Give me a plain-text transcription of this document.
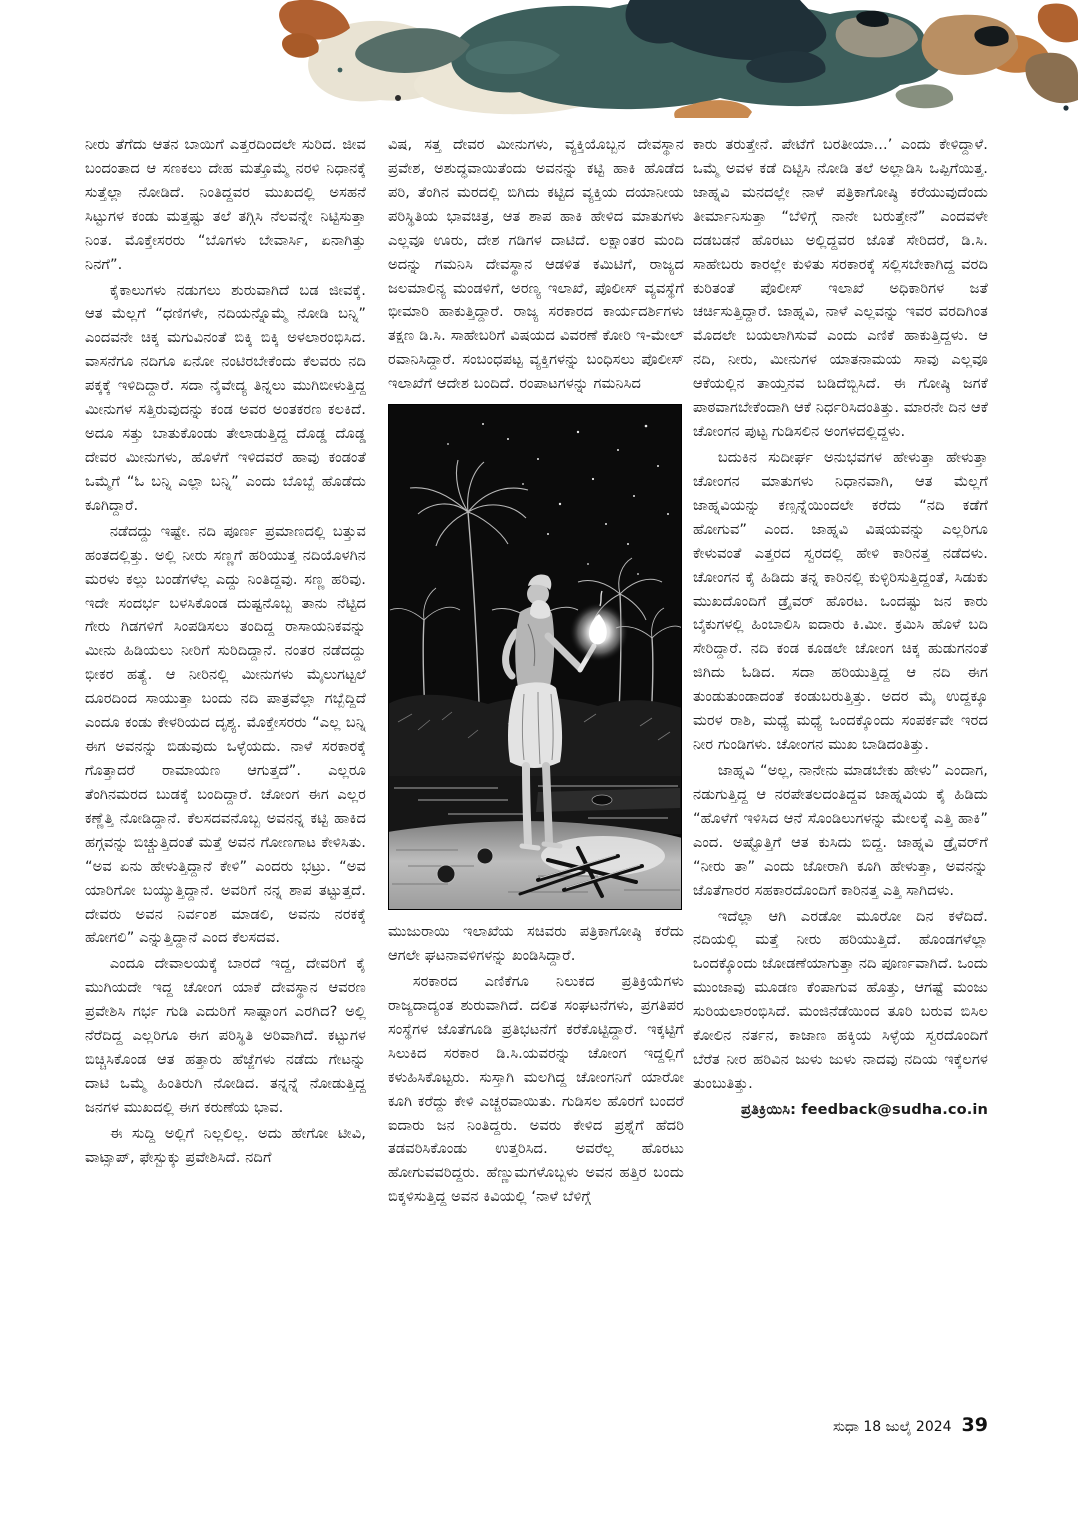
ನೀರು ತೆಗೆದು ಆತನ ಬಾಯಿಗೆ ಎತ್ತರದಿಂದಲೇ ಸುರಿದ. ಜೀವ ಬಂದಂತಾದ ಆ ಸಣಕಲು ದೇಹ ಮತ್ತೊಮ್ಮೆ ನರಳಿ ನಿಧಾನಕ್ಕೆ ಸುತ್ತೆಲ್ಲಾ ನೋಡಿದೆ. ನಿಂತಿದ್ದವರ ಮುಖದಲ್ಲಿ ಅಸಹನೆ ಸಿಟ್ಟುಗಳ ಕಂಡು ಮತ್ತಷ್ಟು ತಲೆ ತಗ್ಗಿಸಿ ನೆಲವನ್ನೇ ನಿಟ್ಟಿಸುತ್ತಾ ನಿಂತ. ಮೊಕ್ತೇಸರರು “ಬೊಗಳು ಬೇವಾರ್ಸಿ, ಏನಾಗಿತ್ತು ನಿನಗೆ”.

ಕೈಕಾಲುಗಳು ನಡುಗಲು ಶುರುವಾಗಿದೆ ಬಡ ಜೀವಕ್ಕೆ. ಆತ ಮೆಲ್ಲಗೆ “ಧಣಿಗಳೇ, ನದಿಯನ್ನೊಮ್ಮೆ ನೋಡಿ ಬನ್ನಿ” ಎಂದವನೇ ಚಿಕ್ಕ ಮಗುವಿನಂತೆ ಬಿಕ್ಕಿ ಬಿಕ್ಕಿ ಅಳಲಾರಂಭಿಸಿದ. ವಾಸನೆಗೂ ನದಿಗೂ ಏನೋ ನಂಟಿರಬೇಕೆಂದು ಕೆಲವರು ನದಿ ಪಕ್ಕಕ್ಕೆ ಇಳಿದಿದ್ದಾರೆ. ಸದಾ ನೈವೇದ್ಯ ತಿನ್ನಲು ಮುಗಿಬೀಳುತ್ತಿದ್ದ ಮೀನುಗಳ ಸತ್ತಿರುವುದನ್ನು ಕಂಡ ಅವರ ಅಂತಕರಣ ಕಲಕಿದೆ. ಅದೂ ಸತ್ತು ಬಾತುಕೊಂಡು ತೇಲಾಡುತ್ತಿದ್ದ ದೊಡ್ಡ ದೊಡ್ಡ ದೇವರ ಮೀನುಗಳು, ಹೊಳೆಗೆ ಇಳಿದವರೆ ಹಾವು ಕಂಡಂತೆ ಒಮ್ಮೆಗೆ “ಓ ಬನ್ನಿ ಎಲ್ಲಾ ಬನ್ನಿ” ಎಂದು ಬೊಬ್ಬೆ ಹೊಡೆದು ಕೂಗಿದ್ದಾರೆ.

ನಡೆದದ್ದು ಇಷ್ಟೇ. ನದಿ ಪೂರ್ಣ ಪ್ರಮಾಣದಲ್ಲಿ ಬತ್ತುವ ಹಂತದಲ್ಲಿತ್ತು. ಅಲ್ಲಿ ನೀರು ಸಣ್ಣಗೆ ಹರಿಯುತ್ತ ನದಿಯೊಳಗಿನ ಮರಳು ಕಲ್ಲು ಬಂಡೆಗಳೆಲ್ಲ ಎದ್ದು ನಿಂತಿದ್ದವು. ಸಣ್ಣ ಹರಿವು. ಇದೇ ಸಂದರ್ಭ ಬಳಸಿಕೊಂಡ ದುಷ್ಟನೊಬ್ಬ ತಾನು ನೆಟ್ಟಿದ ಗೇರು ಗಿಡಗಳಿಗೆ ಸಿಂಪಡಿಸಲು ತಂದಿದ್ದ ರಾಸಾಯನಿಕವನ್ನು ಮೀನು ಹಿಡಿಯಲು ನೀರಿಗೆ ಸುರಿದಿದ್ದಾನೆ. ನಂತರ ನಡೆದದ್ದು ಭೀಕರ ಹತ್ಯೆ. ಆ ನೀರಿನಲ್ಲಿ ಮೀನುಗಳು ಮೈಲುಗಟ್ಟಲೆ ದೂರದಿಂದ ಸಾಯುತ್ತಾ ಬಂದು ನದಿ ಪಾತ್ರವೆಲ್ಲಾ ಗಬ್ಬೆದ್ದಿದೆ ಎಂದೂ ಕಂಡು ಕೇಳರಿಯದ ದೃಶ್ಯ. ಮೊಕ್ತೇಸರರು “ಎಲ್ಲ ಬನ್ನಿ ಈಗ ಅವನನ್ನು ಬಿಡುವುದು ಒಳ್ಳೆಯದು. ನಾಳೆ ಸರಕಾರಕ್ಕೆ ಗೊತ್ತಾದರೆ ರಾಮಾಯಣ ಆಗುತ್ತದೆ”. ಎಲ್ಲರೂ ತೆಂಗಿನಮರದ ಬುಡಕ್ಕೆ ಬಂದಿದ್ದಾರೆ. ಚೋಂಗ ಈಗ ಎಲ್ಲರ ಕಣ್ಣೆತ್ತಿ ನೋಡಿದ್ದಾನೆ. ಕೆಲಸದವನೊಬ್ಬ ಅವನನ್ನ ಕಟ್ಟಿ ಹಾಕಿದ ಹಗ್ಗವನ್ನು ಬಿಚ್ಚುತ್ತಿದಂತೆ ಮತ್ತೆ ಅವನ ಗೋಣಗಾಟ ಕೇಳಿಸಿತು. “ಅವ ಏನು ಹೇಳುತ್ತಿದ್ದಾನೆ ಕೇಳಿ” ಎಂದರು ಭಟ್ರು. “ಅವ ಯಾರಿಗೋ ಬಯ್ಯುತ್ತಿದ್ದಾನೆ. ಅವರಿಗೆ ನನ್ನ ಶಾಪ ತಟ್ಟುತ್ತದೆ. ದೇವರು ಅವನ ನಿರ್ವಂಶ ಮಾಡಲಿ, ಅವನು ನರಕಕ್ಕೆ ಹೋಗಲಿ” ಎನ್ನುತ್ತಿದ್ದಾನೆ ಎಂದ ಕೆಲಸದವ.

ಎಂದೂ ದೇವಾಲಯಕ್ಕೆ ಬಾರದೆ ಇದ್ದ, ದೇವರಿಗೆ ಕೈ ಮುಗಿಯದೇ ಇದ್ದ ಚೋಂಗ ಯಾಕೆ ದೇವಸ್ಥಾನ ಆವರಣ ಪ್ರವೇಶಿಸಿ ಗರ್ಭ ಗುಡಿ ಎದುರಿಗೆ ಸಾಷ್ಟಾಂಗ ಎರಗಿದ? ಅಲ್ಲಿ ನೆರೆದಿದ್ದ ಎಲ್ಲರಿಗೂ ಈಗ ಪರಿಸ್ಥಿತಿ ಅರಿವಾಗಿದೆ. ಕಟ್ಟುಗಳ ಬಿಚ್ಚಿಸಿಕೊಂಡ ಆತ ಹತ್ತಾರು ಹೆಜ್ಜೆಗಳು ನಡೆದು ಗೇಟನ್ನು ದಾಟಿ ಒಮ್ಮೆ ಹಿಂತಿರುಗಿ ನೋಡಿದ. ತನ್ನನ್ನೆ ನೋಡುತ್ತಿದ್ದ ಜನಗಳ ಮುಖದಲ್ಲಿ ಈಗ ಕರುಣೆಯ ಭಾವ.

ಈ ಸುದ್ದಿ ಅಲ್ಲಿಗೆ ನಿಲ್ಲಲಿಲ್ಲ. ಅದು ಹೇಗೋ ಟೀವಿ, ವಾಟ್ಸಾಪ್, ಫೇಸ್ಬುಕ್ಕು ಪ್ರವೇಶಿಸಿದೆ. ನದಿಗೆ

ವಿಷ, ಸತ್ತ ದೇವರ ಮೀನುಗಳು, ವ್ಯಕ್ತಿಯೊಬ್ಬನ ದೇವಸ್ಥಾನ ಪ್ರವೇಶ, ಅಶುದ್ಧವಾಯಿತೆಂದು ಅವನನ್ನು ಕಟ್ಟಿ ಹಾಕಿ ಹೊಡೆದ ಪರಿ, ತೆಂಗಿನ ಮರದಲ್ಲಿ ಬಿಗಿದು ಕಟ್ಟಿದ ವ್ಯಕ್ತಿಯ ದಯಾನೀಯ ಪರಿಸ್ಥಿತಿಯ ಭಾವಚಿತ್ರ, ಆತ ಶಾಪ ಹಾಕಿ ಹೇಳಿದ ಮಾತುಗಳು ಎಲ್ಲವೂ ಊರು, ದೇಶ ಗಡಿಗಳ ದಾಟಿದೆ. ಲಕ್ಷಾಂತರ ಮಂದಿ ಅದನ್ನು ಗಮನಿಸಿ ದೇವಸ್ಥಾನ ಆಡಳಿತ ಕಮಿಟಿಗೆ, ರಾಜ್ಯದ ಜಲಮಾಲಿನ್ಯ ಮಂಡಳಿಗೆ, ಅರಣ್ಯ ಇಲಾಖೆ, ಪೊಲೀಸ್ ವ್ಯವಸ್ಥೆಗೆ ಭೀಮಾರಿ ಹಾಕುತ್ತಿದ್ದಾರೆ. ರಾಜ್ಯ ಸರಕಾರದ ಕಾರ್ಯದರ್ಶಿಗಳು ತಕ್ಷಣ ಡಿ.ಸಿ. ಸಾಹೇಬರಿಗೆ ವಿಷಯದ ವಿವರಣೆ ಕೋರಿ ಇ-ಮೇಲ್ ರವಾನಿಸಿದ್ದಾರೆ. ಸಂಬಂಧಪಟ್ಟ ವ್ಯಕ್ತಿಗಳನ್ನು ಬಂಧಿಸಲು ಪೊಲೀಸ್ ಇಲಾಖೆಗೆ ಆದೇಶ ಬಂದಿದೆ. ರಂಪಾಟಗಳನ್ನು ಗಮನಿಸಿದ

ಮುಜುರಾಯಿ ಇಲಾಖೆಯ ಸಚಿವರು ಪತ್ರಿಕಾಗೋಷ್ಠಿ ಕರೆದು ಆಗಲೇ ಘಟನಾವಳಿಗಳನ್ನು ಖಂಡಿಸಿದ್ದಾರೆ.

ಸರಕಾರದ ಎಣಿಕೆಗೂ ನಿಲುಕದ ಪ್ರತಿಕ್ರಿಯೆಗಳು ರಾಜ್ಯದಾದ್ಯಂತ ಶುರುವಾಗಿದೆ. ದಲಿತ ಸಂಘಟನೆಗಳು, ಪ್ರಗತಿಪರ ಸಂಸ್ಥೆಗಳ ಜೊತೆಗೂಡಿ ಪ್ರತಿಭಟನೆಗೆ ಕರೆಕೊಟ್ಟಿದ್ದಾರೆ. ಇಕ್ಕಟ್ಟಿಗೆ ಸಿಲುಕಿದ ಸರಕಾರ ಡಿ.ಸಿ.ಯವರನ್ನು ಚೋಂಗ ಇದ್ದಲ್ಲಿಗೆ ಕಳುಹಿಸಿಕೊಟ್ಟರು. ಸುಸ್ತಾಗಿ ಮಲಗಿದ್ದ ಚೋಂಗನಿಗೆ ಯಾರೋ ಕೂಗಿ ಕರೆದ್ದು ಕೇಳಿ ಎಚ್ಚರವಾಯಿತು. ಗುಡಿಸಲ ಹೊರಗೆ ಬಂದರೆ ಐದಾರು ಜನ ನಿಂತಿದ್ದರು. ಅವರು ಕೇಳಿದ ಪ್ರಶ್ನೆಗೆ ಹೆದರಿ ತಡವರಿಸಿಕೊಂಡು ಉತ್ತರಿಸಿದ. ಅವರೆಲ್ಲ ಹೊರಟು ಹೋಗುವವರಿದ್ದರು. ಹೆಣ್ಣುಮಗಳೊಬ್ಬಳು ಅವನ ಹತ್ತಿರ ಬಂದು ಬಿಕ್ಕಳಿಸುತ್ತಿದ್ದ ಅವನ ಕಿವಿಯಲ್ಲಿ ‘ನಾಳೆ ಬೆಳಿಗ್ಗೆ

ಕಾರು ತರುತ್ತೇನೆ. ಪೇಟೆಗೆ ಬರತೀಯಾ...’ ಎಂದು ಕೇಳಿದ್ದಾಳೆ. ಒಮ್ಮೆ ಅವಳ ಕಡೆ ದಿಟ್ಟಿಸಿ ನೋಡಿ ತಲೆ ಅಲ್ಲಾಡಿಸಿ ಒಪ್ಪಿಗೆಯಿತ್ತ. ಜಾಹ್ನವಿ ಮನದಲ್ಲೇ ನಾಳೆ ಪತ್ರಿಕಾಗೋಷ್ಠಿ ಕರೆಯುವುದೆಂದು ತೀರ್ಮಾನಿಸುತ್ತಾ “ಬೆಳಿಗ್ಗೆ ನಾನೇ ಬರುತ್ತೇನೆ” ಎಂದವಳೇ ದಡಬಡನೆ ಹೊರಟು ಅಲ್ಲಿದ್ದವರ ಜೊತೆ ಸೇರಿದರೆ, ಡಿ.ಸಿ. ಸಾಹೇಬರು ಕಾರಲ್ಲೇ ಕುಳಿತು ಸರಕಾರಕ್ಕೆ ಸಲ್ಲಿಸಬೇಕಾಗಿದ್ದ ವರದಿ ಕುರಿತಂತೆ ಪೊಲೀಸ್ ಇಲಾಖೆ ಅಧಿಕಾರಿಗಳ ಜತೆ ಚರ್ಚಿಸುತ್ತಿದ್ದಾರೆ. ಜಾಹ್ನವಿ, ನಾಳೆ ಎಲ್ಲವನ್ನು ಇವರ ವರದಿಗಿಂತ ಮೊದಲೇ ಬಯಲಾಗಿಸುವೆ ಎಂದು ಎಣಿಕೆ ಹಾಕುತ್ತಿದ್ದಳು. ಆ ನದಿ, ನೀರು, ಮೀನುಗಳ ಯಾತನಾಮಯ ಸಾವು ಎಲ್ಲವೂ ಆಕೆಯಲ್ಲಿನ ತಾಯ್ತನವ ಬಡಿದೆಬ್ಬಿಸಿದೆ. ಈ ಗೋಷ್ಠಿ ಜಗಕೆ ಪಾಠವಾಗಬೇಕೆಂದಾಗಿ ಆಕೆ ನಿರ್ಧರಿಸಿದಂತಿತ್ತು. ಮಾರನೇ ದಿನ ಆಕೆ ಚೋಂಗನ ಪುಟ್ಟ ಗುಡಿಸಲಿನ ಅಂಗಳದಲ್ಲಿದ್ದಳು.

ಬದುಕಿನ ಸುದೀರ್ಘ ಅನುಭವಗಳ ಹೇಳುತ್ತಾ ಹೇಳುತ್ತಾ ಚೋಂಗನ ಮಾತುಗಳು ನಿಧಾನವಾಗಿ, ಆತ ಮೆಲ್ಲಗೆ ಜಾಹ್ನವಿಯನ್ನು ಕಣ್ಸನ್ನೆಯಿಂದಲೇ ಕರೆದು “ನದಿ ಕಡೆಗೆ ಹೋಗುವ” ಎಂದ. ಜಾಹ್ನವಿ ವಿಷಯವನ್ನು ಎಲ್ಲರಿಗೂ ಕೇಳುವಂತೆ ಎತ್ತರದ ಸ್ವರದಲ್ಲಿ ಹೇಳಿ ಕಾರಿನತ್ತ ನಡೆದಳು. ಚೋಂಗನ ಕೈ ಹಿಡಿದು ತನ್ನ ಕಾರಿನಲ್ಲಿ ಕುಳ್ಳಿರಿಸುತ್ತಿದ್ದಂತೆ, ಸಿಡುಕು ಮುಖದೊಂದಿಗೆ ಡ್ರೈವರ್ ಹೊರಟ. ಒಂದಷ್ಟು ಜನ ಕಾರು ಬೈಕುಗಳಲ್ಲಿ ಹಿಂಬಾಲಿಸಿ ಐದಾರು ಕಿ.ಮೀ. ಕ್ರಮಿಸಿ ಹೊಳೆ ಬದಿ ಸೇರಿದ್ದಾರೆ. ನದಿ ಕಂಡ ಕೂಡಲೇ ಚೋಂಗ ಚಿಕ್ಕ ಹುಡುಗನಂತೆ ಜಿಗಿದು ಓಡಿದ. ಸದಾ ಹರಿಯುತ್ತಿದ್ದ ಆ ನದಿ ಈಗ ತುಂಡುತುಂಡಾದಂತೆ ಕಂಡುಬರುತ್ತಿತ್ತು. ಅದರ ಮೈ ಉದ್ದಕ್ಕೂ ಮರಳ ರಾಶಿ, ಮಧ್ಯೆ ಮಧ್ಯೆ ಒಂದಕ್ಕೊಂದು ಸಂಪರ್ಕವೇ ಇರದ ನೀರ ಗುಂಡಿಗಳು. ಚೋಂಗನ ಮುಖ ಬಾಡಿದಂತಿತ್ತು.

ಜಾಹ್ನವಿ “ಅಲ್ಲ, ನಾನೇನು ಮಾಡಬೇಕು ಹೇಳು” ಎಂದಾಗ, ನಡುಗುತ್ತಿದ್ದ ಆ ನರಪೇತಲದಂತಿದ್ದವ ಜಾಹ್ನವಿಯ ಕೈ ಹಿಡಿದು “ಹೊಳೆಗೆ ಇಳಿಸಿದ ಆನೆ ಸೊಂಡಿಲುಗಳನ್ನು ಮೇಲಕ್ಕೆ ಎತ್ತಿ ಹಾಕಿ” ಎಂದ. ಅಷ್ಟೊತ್ತಿಗೆ ಆತ ಕುಸಿದು ಬಿದ್ದ. ಜಾಹ್ನವಿ ಡ್ರೈವರ್‌ಗೆ “ನೀರು ತಾ” ಎಂದು ಜೋರಾಗಿ ಕೂಗಿ ಹೇಳುತ್ತಾ, ಅವನನ್ನು ಜೊತೆಗಾರರ ಸಹಕಾರದೊಂದಿಗೆ ಕಾರಿನತ್ತ ಎತ್ತಿ ಸಾಗಿದಳು.

ಇದೆಲ್ಲಾ ಆಗಿ ಎರಡೋ ಮೂರೋ ದಿನ ಕಳೆದಿದೆ. ನದಿಯಲ್ಲಿ ಮತ್ತೆ ನೀರು ಹರಿಯುತ್ತಿದೆ. ಹೊಂಡಗಳೆಲ್ಲಾ ಒಂದಕ್ಕೊಂದು ಜೋಡಣೆಯಾಗುತ್ತಾ ನದಿ ಪೂರ್ಣವಾಗಿದೆ. ಒಂದು ಮುಂಜಾವು ಮೂಡಣ ಕೆಂಪಾಗುವ ಹೊತ್ತು, ಆಗಷ್ಟೆ ಮಂಜು ಸುರಿಯಲಾರಂಭಿಸಿದೆ. ಮಂಜಿನೆಡೆಯಿಂದ ತೂರಿ ಬರುವ ಬಿಸಿಲ ಕೋಲಿನ ನರ್ತನ, ಕಾಜಾಣ ಹಕ್ಕಿಯ ಸಿಳ್ಳೆಯ ಸ್ವರದೊಂದಿಗೆ ಬೆರೆತ ನೀರ ಹರಿವಿನ ಜುಳು ಜುಳು ನಾದವು ನದಿಯ ಇಕ್ಕೆಲಗಳ ತುಂಬುತಿತ್ತು.

ಪ್ರತಿಕ್ರಿಯಿಸಿ: feedback@sudha.co.in

ಸುಧಾ 18 ಜುಲೈ 2024 39
